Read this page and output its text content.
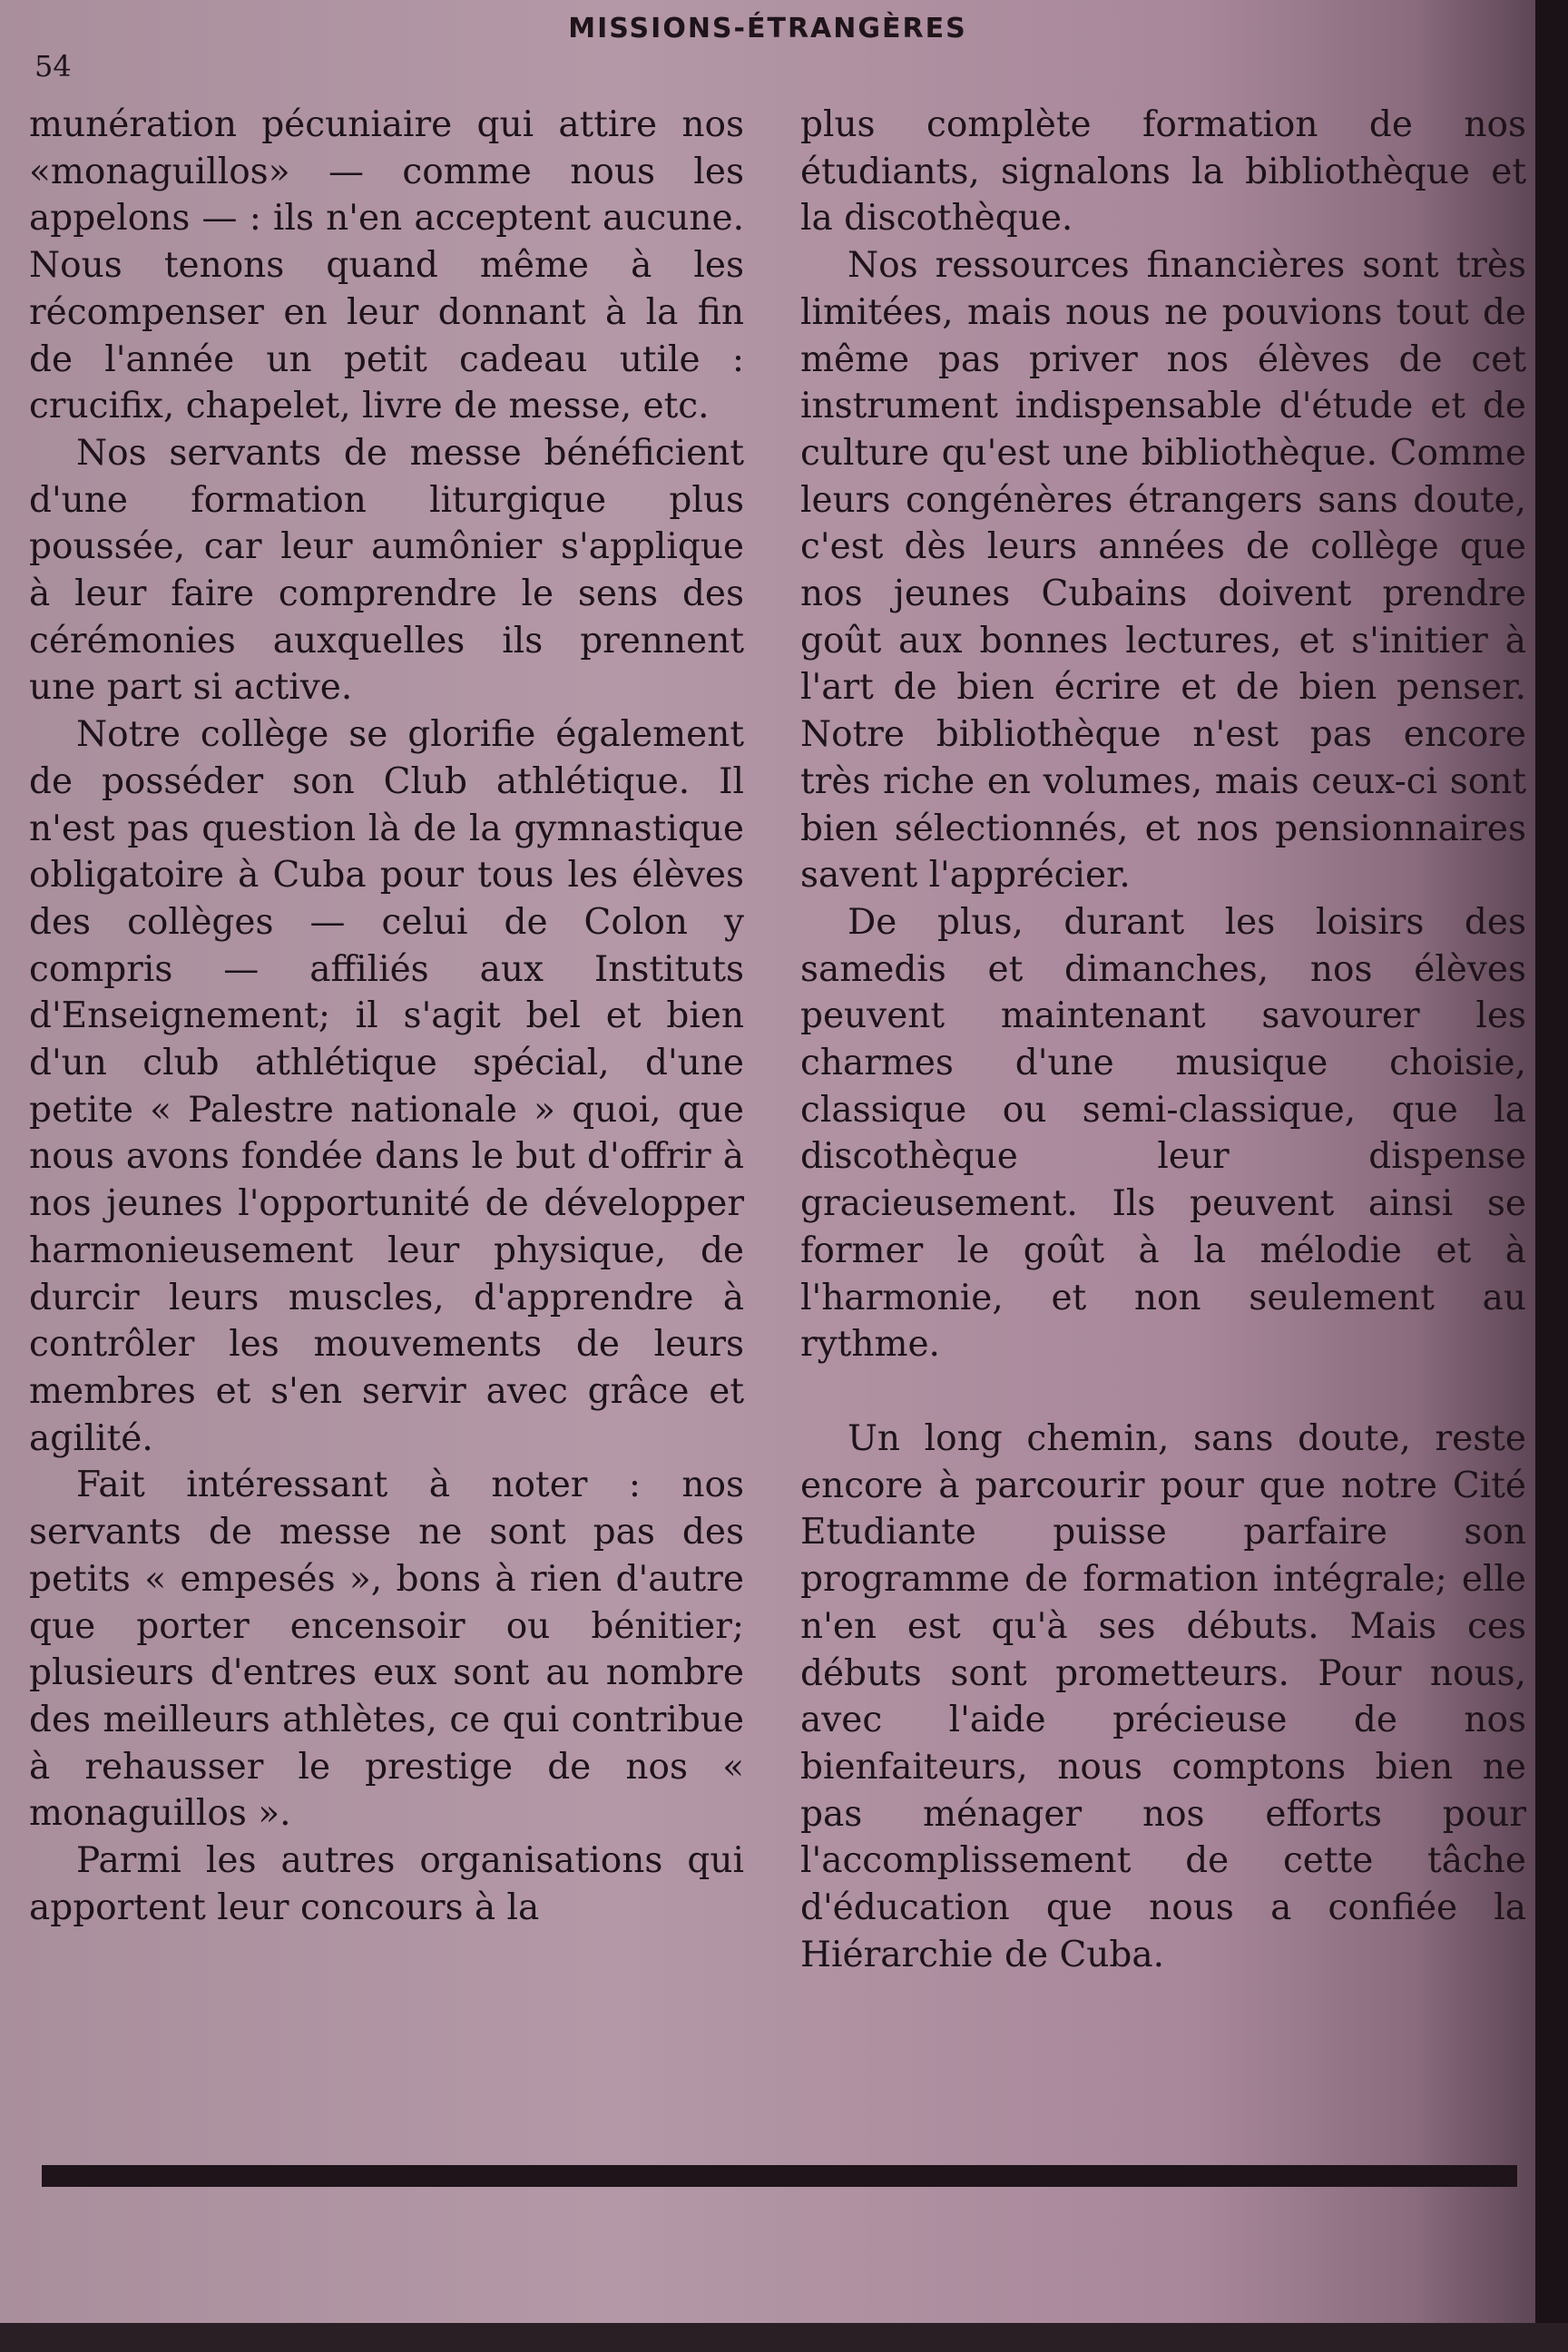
MISSIONS-ÉTRANGÈRES
54

munération pécuniaire qui attire nos «monaguillos» — comme nous les appelons — : ils n'en acceptent aucune. Nous tenons quand même à les récompenser en leur donnant à la fin de l'année un petit cadeau utile : crucifix, chapelet, livre de messe, etc.

Nos servants de messe bénéficient d'une formation liturgique plus poussée, car leur aumônier s'applique à leur faire comprendre le sens des cérémonies auxquelles ils prennent une part si active.

Notre collège se glorifie également de posséder son Club athlétique. Il n'est pas question là de la gymnastique obligatoire à Cuba pour tous les élèves des collèges — celui de Colon y compris — affiliés aux Instituts d'Enseignement; il s'agit bel et bien d'un club athlétique spécial, d'une petite « Palestre nationale » quoi, que nous avons fondée dans le but d'offrir à nos jeunes l'opportunité de développer harmonieusement leur physique, de durcir leurs muscles, d'apprendre à contrôler les mouvements de leurs membres et s'en servir avec grâce et agilité.

Fait intéressant à noter : nos servants de messe ne sont pas des petits « empesés », bons à rien d'autre que porter encensoir ou bénitier; plusieurs d'entres eux sont au nombre des meilleurs athlètes, ce qui contribue à rehausser le prestige de nos « monaguillos ».

Parmi les autres organisations qui apportent leur concours à la

plus complète formation de nos étudiants, signalons la bibliothèque et la discothèque.

Nos ressources financières sont très limitées, mais nous ne pouvions tout de même pas priver nos élèves de cet instrument indispensable d'étude et de culture qu'est une bibliothèque. Comme leurs congénères étrangers sans doute, c'est dès leurs années de collège que nos jeunes Cubains doivent prendre goût aux bonnes lectures, et s'initier à l'art de bien écrire et de bien penser. Notre bibliothèque n'est pas encore très riche en volumes, mais ceux-ci sont bien sélectionnés, et nos pensionnaires savent l'apprécier.

De plus, durant les loisirs des samedis et dimanches, nos élèves peuvent maintenant savourer les charmes d'une musique choisie, classique ou semi-classique, que la discothèque leur dispense gracieusement. Ils peuvent ainsi se former le goût à la mélodie et à l'harmonie, et non seulement au rythme.

Un long chemin, sans doute, reste encore à parcourir pour que notre Cité Etudiante puisse parfaire son programme de formation intégrale; elle n'en est qu'à ses débuts. Mais ces débuts sont prometteurs. Pour nous, avec l'aide précieuse de nos bienfaiteurs, nous comptons bien ne pas ménager nos efforts pour l'accomplissement de cette tâche d'éducation que nous a confiée la Hiérarchie de Cuba.
